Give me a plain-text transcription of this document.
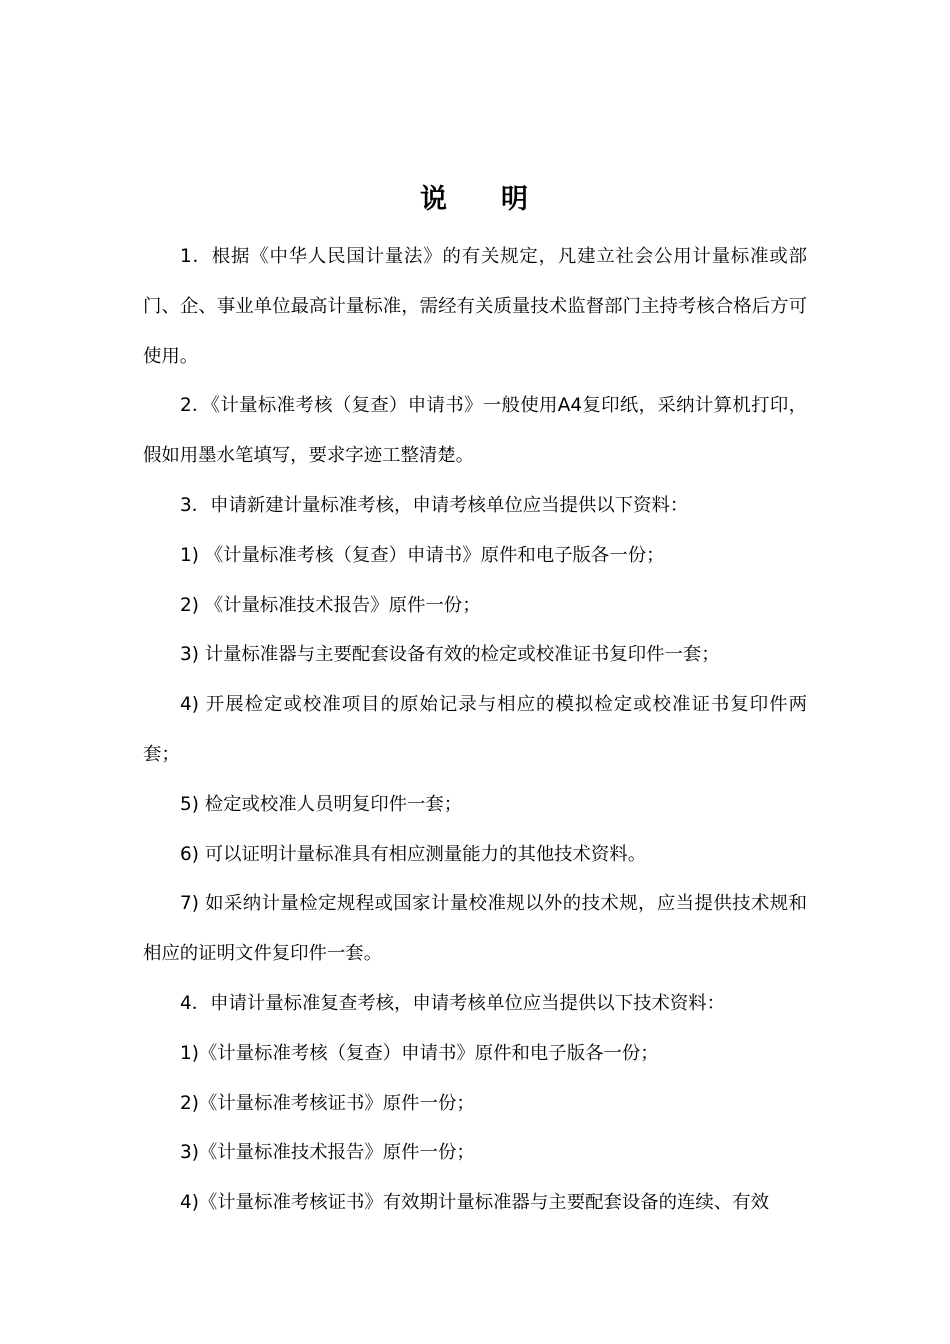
说 明

1．根据《中华人民国计量法》的有关规定，凡建立社会公用计量标准或部门、企、事业单位最高计量标准，需经有关质量技术监督部门主持考核合格后方可使用。

2．《计量标准考核（复查）申请书》一般使用A4复印纸，采纳计算机打印，假如用墨水笔填写，要求字迹工整清楚。

3．申请新建计量标准考核，申请考核单位应当提供以下资料：

1) 《计量标准考核（复查）申请书》原件和电子版各一份；

2) 《计量标准技术报告》原件一份；

3) 计量标准器与主要配套设备有效的检定或校准证书复印件一套；

4) 开展检定或校准项目的原始记录与相应的模拟检定或校准证书复印件两套；

5) 检定或校准人员明复印件一套；

6) 可以证明计量标准具有相应测量能力的其他技术资料。

7) 如采纳计量检定规程或国家计量校准规以外的技术规，应当提供技术规和相应的证明文件复印件一套。

4．申请计量标准复查考核，申请考核单位应当提供以下技术资料：

1)《计量标准考核（复查）申请书》原件和电子版各一份；

2)《计量标准考核证书》原件一份；

3)《计量标准技术报告》原件一份；

4)《计量标准考核证书》有效期计量标准器与主要配套设备的连续、有效
